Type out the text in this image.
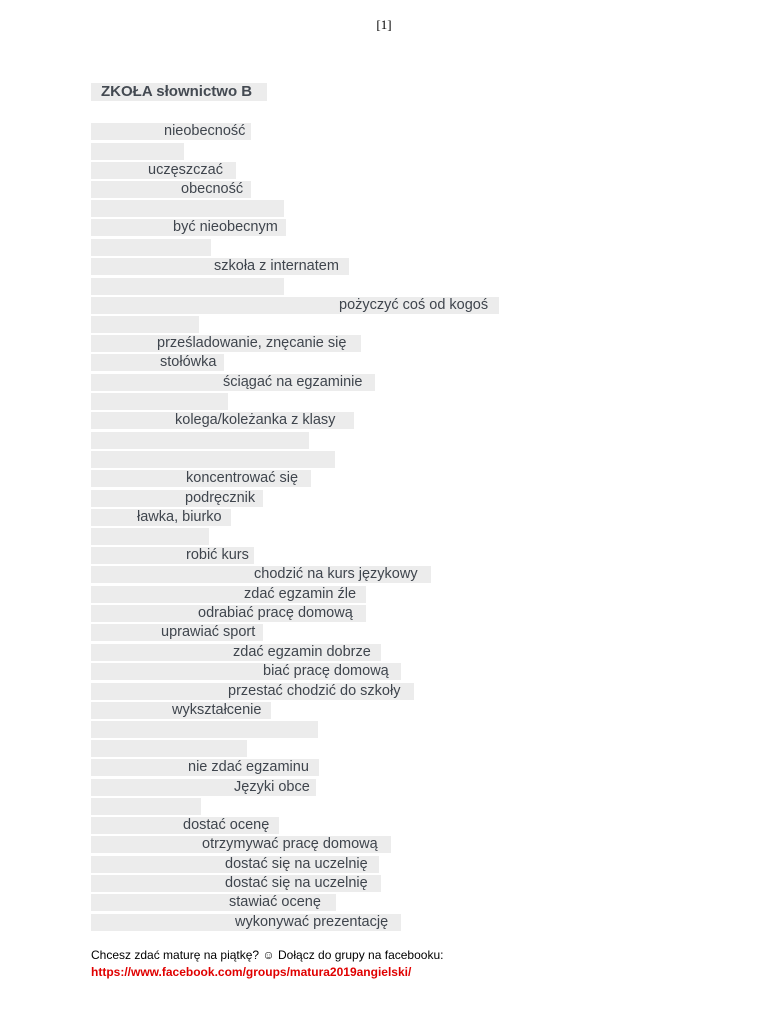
[1]
ZKOŁA słownictwo B
nieobecność
uczęszczać
obecność
być nieobecnym
szkoła z internatem
pożyczyć coś od kogoś
prześladowanie, znęcanie się
stołówka
ściągać na egzaminie
kolega/koleżanka z klasy
koncentrować się
podręcznik
ławka, biurko
robić kurs
chodzić na kurs językowy
zdać egzamin źle
odrabiać pracę domową
uprawiać sport
zdać egzamin dobrze
biać pracę domową
przestać chodzić do szkoły
wykształcenie
nie zdać egzaminu
Języki obce
dostać ocenę
otrzymywać pracę domową
dostać się na uczelnię
dostać się na uczelnię
stawiać ocenę
wykonywać prezentację
Chcesz zdać maturę na piątkę? ☺ Dołącz do grupy na facebooku:
https://www.facebook.com/groups/matura2019angielski/
